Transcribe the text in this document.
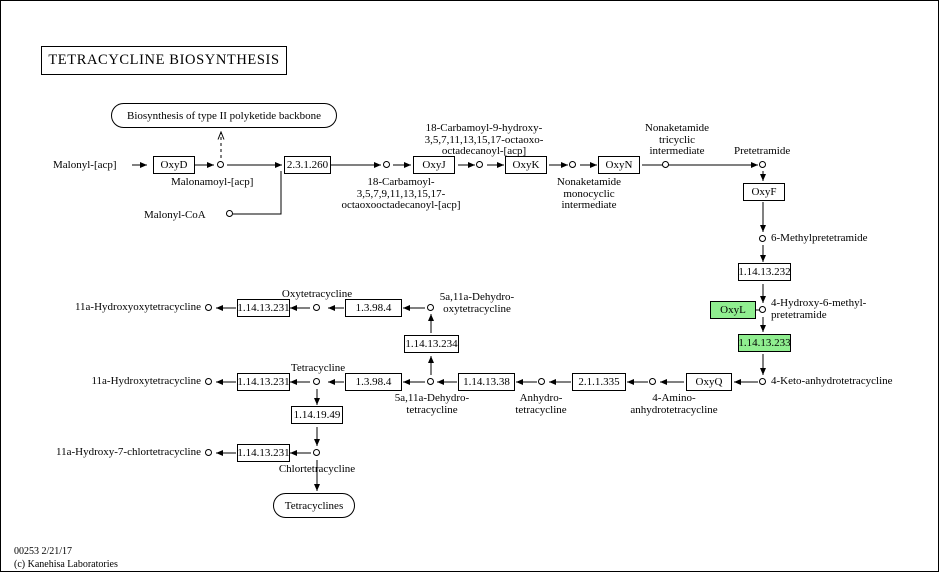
TETRACYCLINE BIOSYNTHESIS
Biosynthesis of type II polyketide backbone
Tetracyclines
OxyD	2.3.1.260	OxyJ	OxyK	OxyN
OxyF
1.14.13.232
OxyL
1.14.13.233
OxyQ
2.1.1.335
1.14.13.38
1.3.98.4
1.3.98.4
1.14.13.234
1.14.13.231
1.14.13.231
1.14.13.231
1.14.19.49
Malonyl-[acp]
Malonamoyl-[acp]
Malonyl-CoA
18-Carbamoyl-
3,5,7,9,11,13,15,17-
octaoxooctadecanoyl-[acp]
18-Carbamoyl-9-hydroxy-
3,5,7,11,13,15,17-octaoxo-
octadecanoyl-[acp]
Nonaketamide
monocyclic
intermediate
Nonaketamide
tricyclic
intermediate	Pretetramide
6-Methylpretetramide
4-Hydroxy-6-methyl-
pretetramide
4-Keto-anhydrotetracycline
4-Amino-
anhydrotetracycline
Anhydro-
tetracycline
5a,11a-Dehydro-
tetracycline
5a,11a-Dehydro-
oxytetracycline
Tetracycline
Oxytetracycline
Chlortetracycline
11a-Hydroxytetracycline
11a-Hydroxyoxytetracycline
11a-Hydroxy-7-chlortetracycline
00253 2/21/17
(c) Kanehisa Laboratories
